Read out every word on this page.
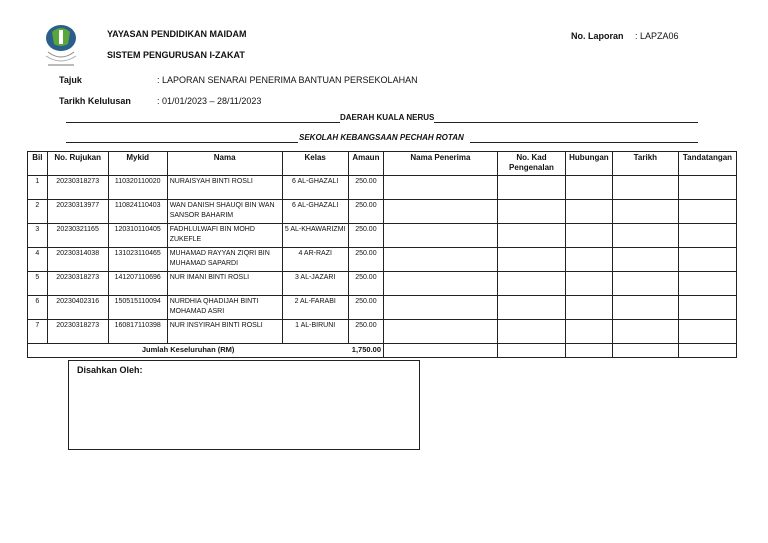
YAYASAN PENDIDIKAN MAIDAM
SISTEM PENGURUSAN I-ZAKAT
No. Laporan : LAPZA06
Tajuk	: LAPORAN SENARAI PENERIMA BANTUAN PERSEKOLAHAN
Tarikh Kelulusan	: 01/01/2023 – 28/11/2023
DAERAH KUALA NERUS
SEKOLAH KEBANGSAAN PECHAH ROTAN
Bil	No. Rujukan	Mykid	Nama	Kelas	Amaun	Nama Penerima	No. Kad Pengenalan	Hubungan	Tarikh	Tandatangan
1	20230318273	110320110020	NURAISYAH BINTI ROSLI	6 AL-GHAZALI	250.00					
2	20230313977	110824110403	WAN DANISH SHAUQI BIN WAN SANSOR BAHARIM	6 AL-GHAZALI	250.00					
3	20230321165	120310110405	FADHLULWAFI BIN MOHD ZUKEFLE	5 AL-KHAWARIZMI	250.00					
4	20230314038	131023110465	MUHAMAD RAYYAN ZIQRI BIN MUHAMAD SAPARDI	4 AR-RAZI	250.00					
5	20230318273	141207110696	NUR IMANI BINTI ROSLI	3 AL-JAZARI	250.00					
6	20230402316	150515110094	NURDHIA QHADIJAH BINTI MOHAMAD ASRI	2 AL-FARABI	250.00					
7	20230318273	160817110398	NUR INSYIRAH BINTI ROSLI	1 AL-BIRUNI	250.00					
Jumlah Keseluruhan (RM)					1,750.00					
Disahkan Oleh:
